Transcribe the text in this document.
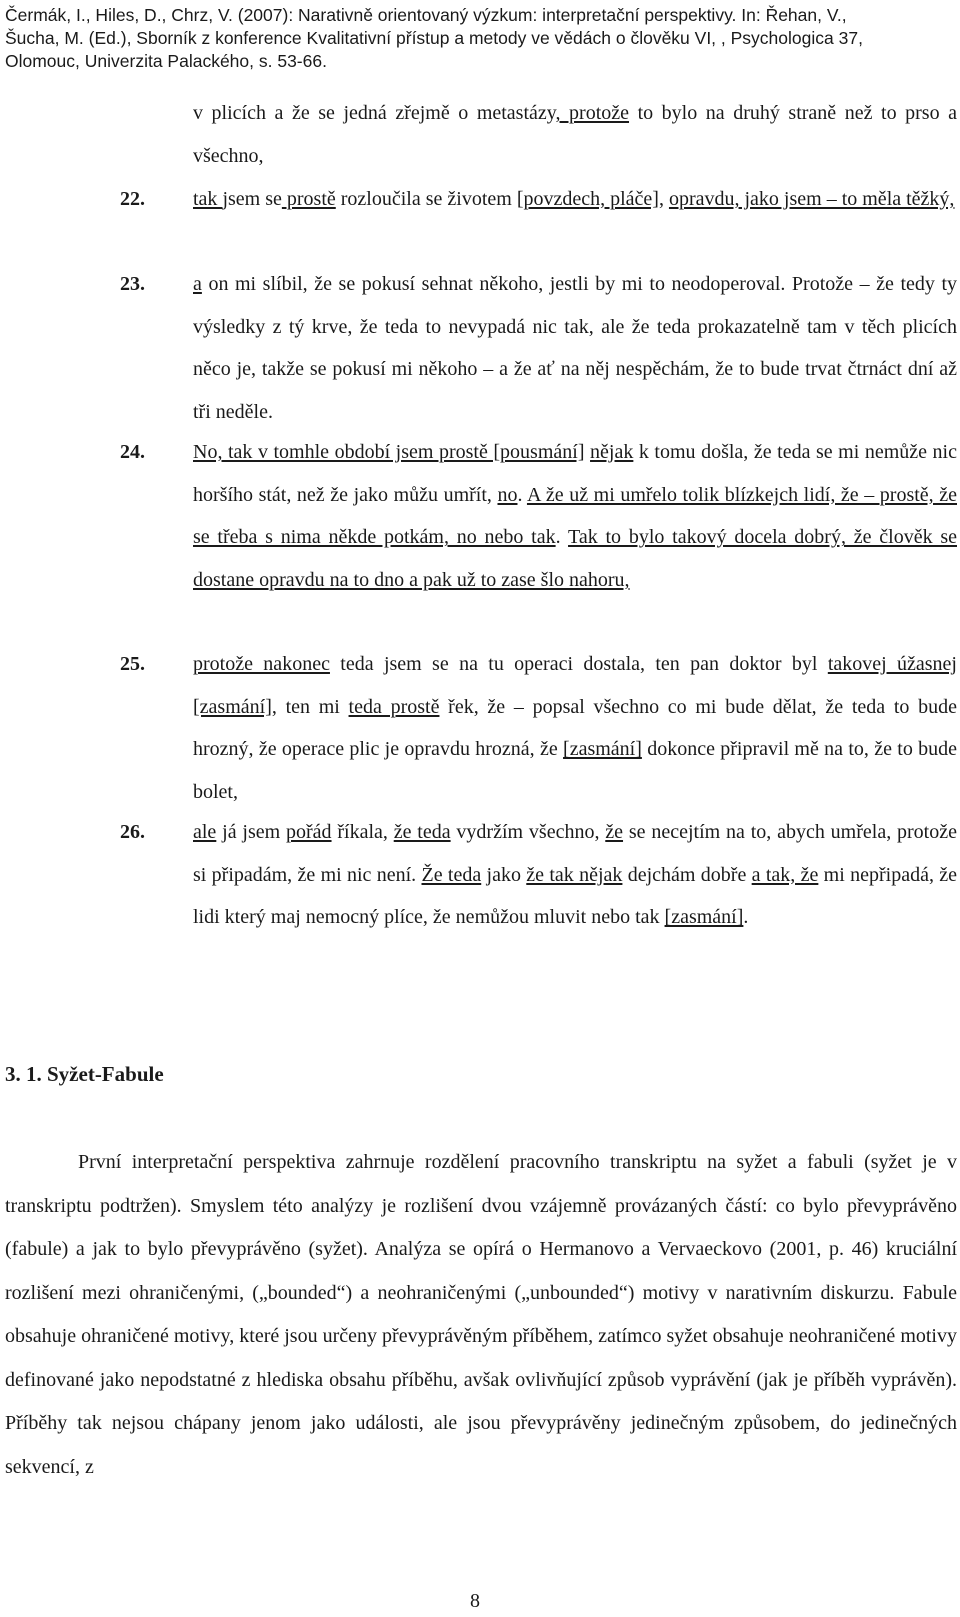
Čermák, I., Hiles, D., Chrz, V. (2007): Narativně orientovaný výzkum: interpretační perspektivy. In: Řehan, V.,
Šucha, M. (Ed.), Sborník z konference Kvalitativní přístup a metody ve vědách o člověku VI, , Psychologica 37,
Olomouc, Univerzita Palackého, s. 53-66.
v plicích a že se jedná zřejmě o metastázy, protože to bylo na druhý straně než to prso a všechno,
22. tak jsem se prostě rozloučila se životem [povzdech, pláče], opravdu, jako jsem – to měla těžký,
23. a on mi slíbil, že se pokusí sehnat někoho, jestli by mi to neodoperoval. Protože – že tedy ty výsledky z tý krve, že teda to nevypadá nic tak, ale že teda prokazatelně tam v těch plicích něco je, takže se pokusí mi někoho – a že ať na něj nespěchám, že to bude trvat čtrnáct dní až tři neděle.
24. No, tak v tomhle období jsem prostě [pousmání] nějak k tomu došla, že teda se mi nemůže nic horšího stát, než že jako můžu umřít, no. A že už mi umřelo tolik blízkejch lidí, že – prostě, že se třeba s nima někde potkám, no nebo tak. Tak to bylo takový docela dobrý, že člověk se dostane opravdu na to dno a pak už to zase šlo nahoru,
25. protože nakonec teda jsem se na tu operaci dostala, ten pan doktor byl takovej úžasnej [zasmání], ten mi teda prostě řek, že – popsal všechno co mi bude dělat, že teda to bude hrozný, že operace plic je opravdu hrozná, že [zasmání] dokonce připravil mě na to, že to bude bolet,
26. ale já jsem pořád říkala, že teda vydržím všechno, že se necejtím na to, abych umřela, protože si připadám, že mi nic není. Že teda jako že tak nějak dejchám dobře a tak, že mi nepřipadá, že lidi který maj nemocný plíce, že nemůžou mluvit nebo tak [zasmání].
3. 1. Syžet-Fabule
První interpretační perspektiva zahrnuje rozdělení pracovního transkriptu na syžet a fabuli (syžet je v transkriptu podtržen). Smyslem této analýzy je rozlišení dvou vzájemně provázaných částí: co bylo převyprávěno (fabule) a jak to bylo převyprávěno (syžet). Analýza se opírá o Hermanovo a Vervaeckovo (2001, p. 46) kruciální rozlišení mezi ohraničenými, („bounded“) a neohraničenými („unbounded“) motivy v narativním diskurzu. Fabule obsahuje ohraničené motivy, které jsou určeny převyprávěným příběhem, zatímco syžet obsahuje neohraničené motivy definované jako nepodstatné z hlediska obsahu příběhu, avšak ovlivňující způsob vyprávění (jak je příběh vyprávěn). Příběhy tak nejsou chápany jenom jako události, ale jsou převyprávěny jedinečným způsobem, do jedinečných sekvencí, z
8
